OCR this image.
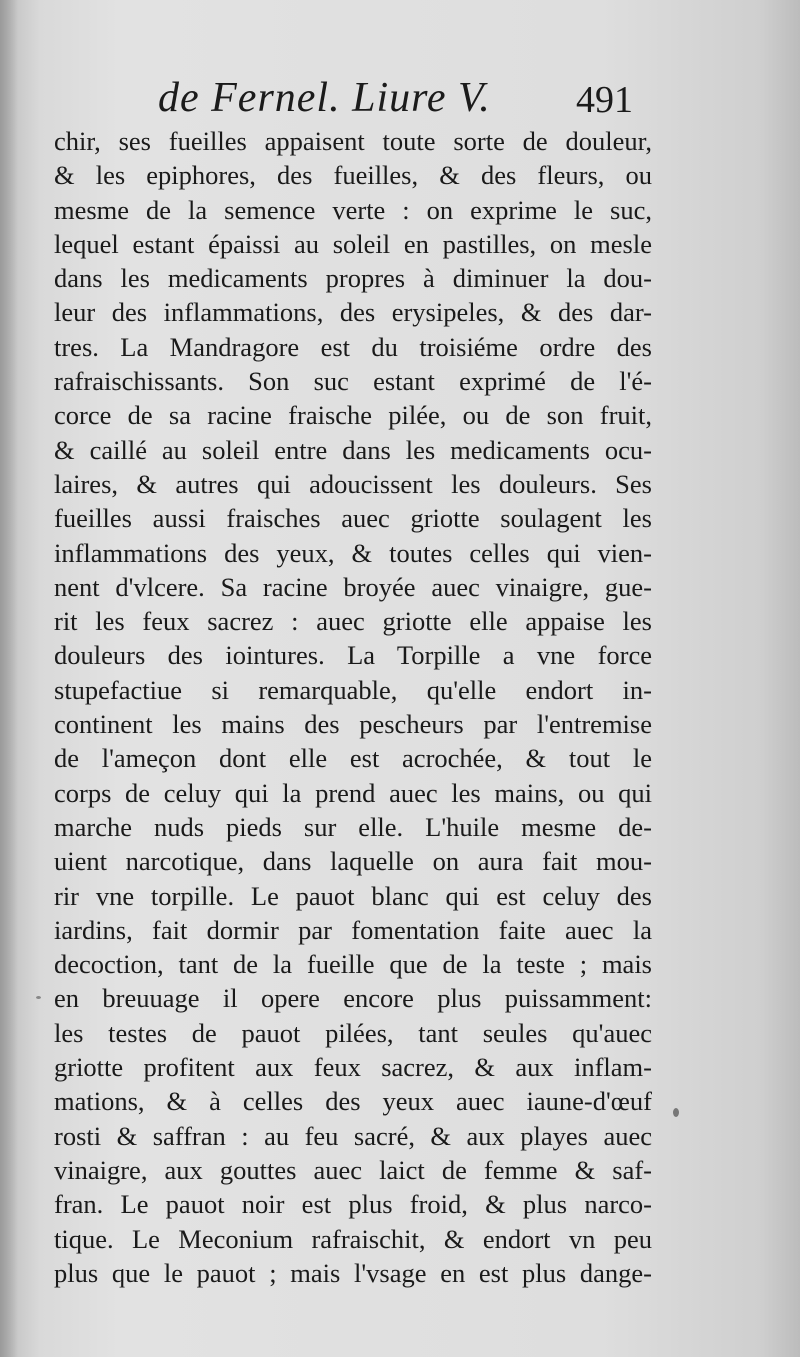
de Fernel. Liure V. 491
chir, ses fueilles appaisent toute sorte de douleur,
& les epiphores, des fueilles, & des fleurs, ou
mesme de la semence verte : on exprime le suc,
lequel estant épaissi au soleil en pastilles, on mesle
dans les medicaments propres à diminuer la dou-
leur des inflammations, des erysipeles, & des dar-
tres. La Mandragore est du troisiéme ordre des
rafraischissants. Son suc estant exprimé de l'é-
corce de sa racine fraische pilée, ou de son fruit,
& caillé au soleil entre dans les medicaments ocu-
laires, & autres qui adoucissent les douleurs. Ses
fueilles aussi fraisches auec griotte soulagent les
inflammations des yeux, & toutes celles qui vien-
nent d'vlcere. Sa racine broyée auec vinaigre, gue-
rit les feux sacrez : auec griotte elle appaise les
douleurs des iointures. La Torpille a vne force
stupefactiue si remarquable, qu'elle endort in-
continent les mains des pescheurs par l'entremise
de l'ameçon dont elle est acrochée, & tout le
corps de celuy qui la prend auec les mains, ou qui
marche nuds pieds sur elle. L'huile mesme de-
uient narcotique, dans laquelle on aura fait mou-
rir vne torpille. Le pauot blanc qui est celuy des
iardins, fait dormir par fomentation faite auec la
decoction, tant de la fueille que de la teste ; mais
en breuuage il opere encore plus puissamment:
les testes de pauot pilées, tant seules qu'auec
griotte profitent aux feux sacrez, & aux inflam-
mations, & à celles des yeux auec iaune-d'œuf
rosti & saffran : au feu sacré, & aux playes auec
vinaigre, aux gouttes auec laict de femme & saf-
fran. Le pauot noir est plus froid, & plus narco-
tique. Le Meconium rafraischit, & endort vn peu
plus que le pauot ; mais l'vsage en est plus dange-
